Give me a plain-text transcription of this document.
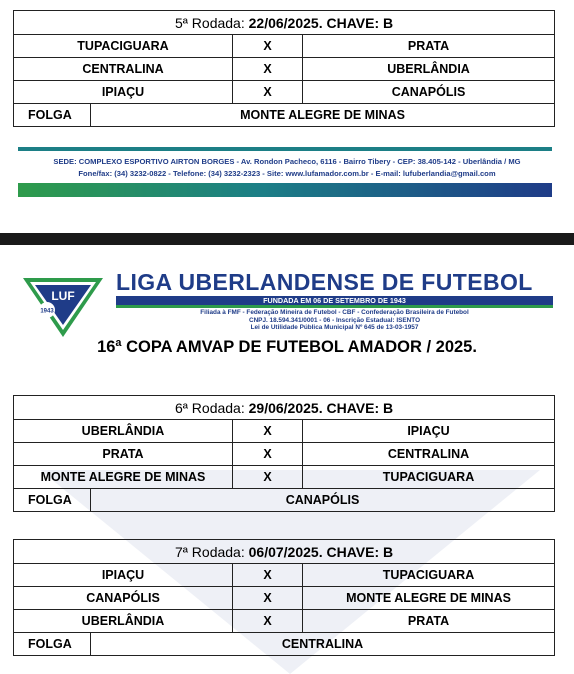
5ª Rodada: 22/06/2025. CHAVE: B			
TUPACIGUARA		X	PRATA
CENTRALINA		X	UBERLÂNDIA
IPIAÇU		X	CANAPÓLIS
FOLGA	MONTE ALEGRE DE MINAS		
SEDE: COMPLEXO ESPORTIVO AIRTON BORGES - Av. Rondon Pacheco, 6116 - Bairro Tibery - CEP: 38.405-142 - Uberlândia / MG
Fone/fax: (34) 3232-0822 - Telefone: (34) 3232-2323 - Site: www.lufamador.com.br - E-mail: lufuberlandia@gmail.com
LUF
1943
LIGA UBERLANDENSE DE FUTEBOL
FUNDADA EM 06 DE SETEMBRO DE 1943
Filiada à FMF - Federação Mineira de Futebol - CBF - Confederação Brasileira de Futebol
CNPJ. 18.594.341/0001 - 06 - Inscrição Estadual: ISENTO
Lei de Utilidade Pública Municipal Nº 645 de 13-03-1957
16ª COPA AMVAP DE FUTEBOL AMADOR / 2025.
6ª Rodada: 29/06/2025. CHAVE: B			
UBERLÂNDIA		X	IPIAÇU
PRATA		X	CENTRALINA
MONTE ALEGRE DE MINAS		X	TUPACIGUARA
FOLGA	CANAPÓLIS		
7ª Rodada: 06/07/2025. CHAVE: B			
IPIAÇU		X	TUPACIGUARA
CANAPÓLIS		X	MONTE ALEGRE DE MINAS
UBERLÂNDIA		X	PRATA
FOLGA	CENTRALINA		
